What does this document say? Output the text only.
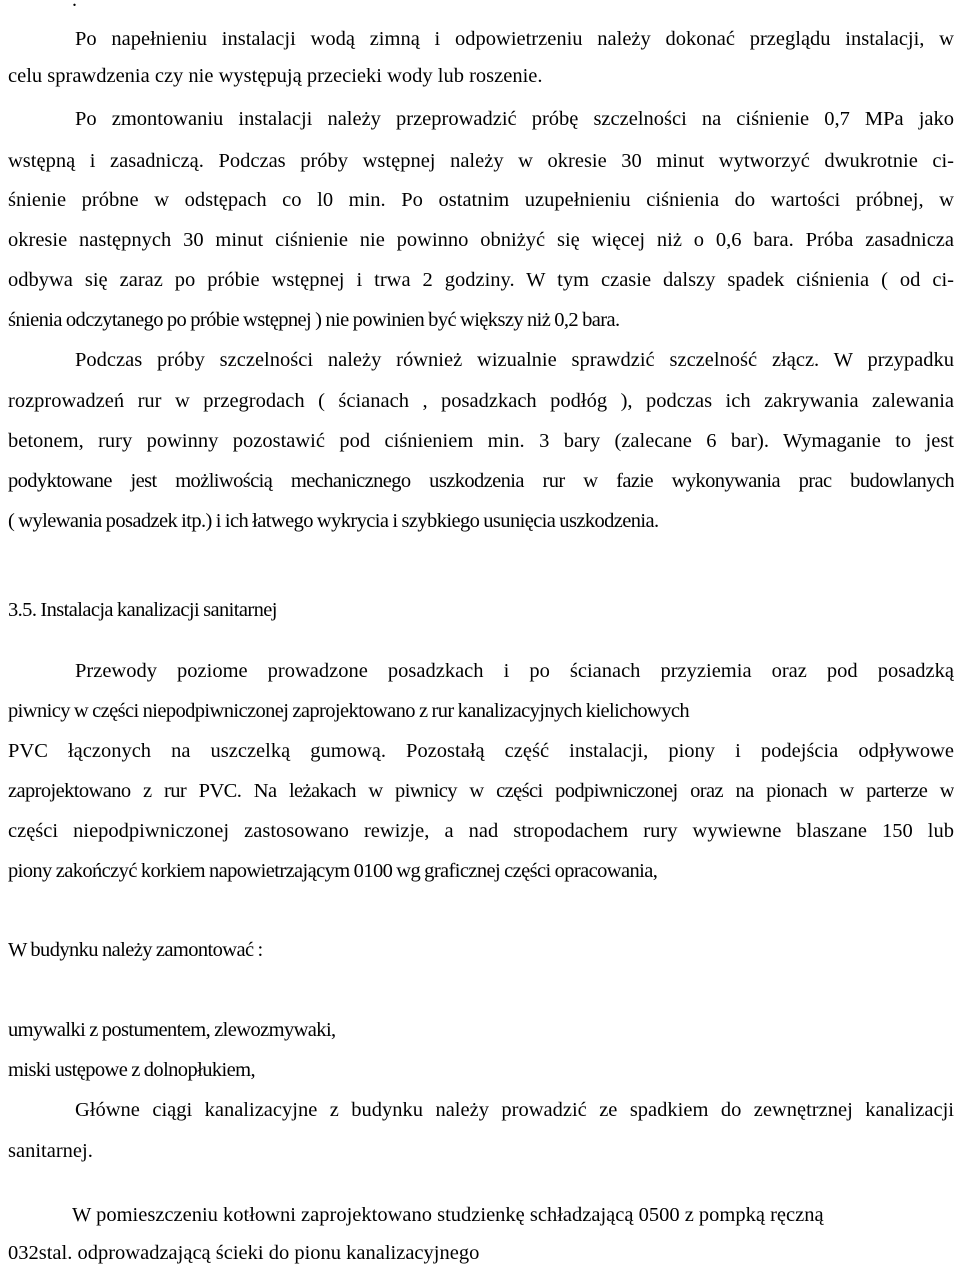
.
Po napełnieniu instalacji wodą zimną i odpowietrzeniu należy dokonać przeglądu instalacji, w
celu sprawdzenia czy nie występują przecieki wody lub roszenie.
Po zmontowaniu instalacji należy przeprowadzić próbę szczelności na ciśnienie 0,7 MPa jako
wstępną i zasadniczą. Podczas próby wstępnej należy w okresie 30 minut wytworzyć dwukrotnie ci-
śnienie próbne w odstępach co l0 min. Po ostatnim uzupełnieniu ciśnienia do wartości próbnej, w
okresie następnych 30 minut ciśnienie nie powinno obniżyć się więcej niż o 0,6 bara. Próba zasadnicza
odbywa się zaraz po próbie wstępnej i trwa 2 godziny. W tym czasie dalszy spadek ciśnienia ( od ci-
śnienia odczytanego po próbie wstępnej ) nie powinien być większy niż 0,2 bara.
Podczas próby szczelności należy również wizualnie sprawdzić szczelność złącz. W przypadku
rozprowadzeń rur w przegrodach ( ścianach , posadzkach podłóg ), podczas ich zakrywania zalewania
betonem, rury powinny pozostawić pod ciśnieniem min. 3 bary (zalecane 6 bar). Wymaganie to jest
podyktowane jest możliwością mechanicznego uszkodzenia rur w fazie wykonywania prac budowlanych
( wylewania posadzek itp.) i ich łatwego wykrycia i szybkiego usunięcia uszkodzenia.
3.5. Instalacja kanalizacji sanitarnej
Przewody poziome prowadzone posadzkach i po ścianach przyziemia oraz pod posadzką
piwnicy w części niepodpiwniczonej zaprojektowano z rur kanalizacyjnych kielichowych
PVC łączonych na uszczelką gumową. Pozostałą część instalacji, piony i podejścia odpływowe
zaprojektowano z rur PVC. Na leżakach w piwnicy w części podpiwniczonej oraz na pionach w parterze w
części niepodpiwniczonej zastosowano rewizje, a nad stropodachem rury wywiewne blaszane 150 lub
piony zakończyć korkiem napowietrzającym 0100 wg graficznej części opracowania,
W budynku należy zamontować :
umywalki z postumentem, zlewozmywaki,
miski ustępowe z dolnopłukiem,
Główne ciągi kanalizacyjne z budynku należy prowadzić ze spadkiem do zewnętrznej kanalizacji
sanitarnej.
W pomieszczeniu kotłowni zaprojektowano studzienkę schładzającą 0500 z pompką ręczną
032stal. odprowadzającą ścieki do pionu kanalizacyjnego
